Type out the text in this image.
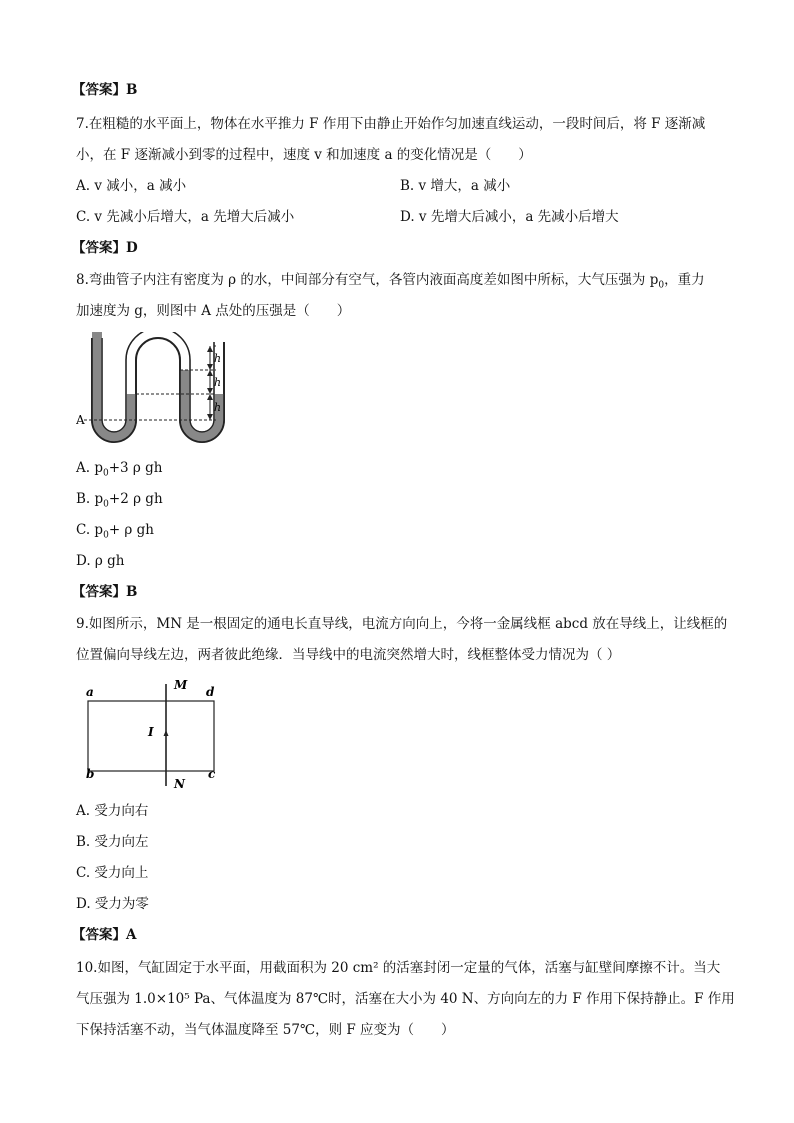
【答案】B
7.在粗糙的水平面上，物体在水平推力 F 作用下由静止开始作匀加速直线运动，一段时间后，将 F 逐渐减
小，在 F 逐渐减小到零的过程中，速度 v 和加速度 a 的变化情况是（　　）
A. v 减小，a 减小	B. v 增大，a 减小
C. v 先减小后增大，a 先增大后减小	D. v 先增大后减小，a 先减小后增大
【答案】D
8.弯曲管子内注有密度为 ρ 的水，中间部分有空气，各管内液面高度差如图中所标，大气压强为 $p_0$，重力
加速度为 g，则图中 A 点处的压强是（　　）
h
h
h
A
A. $p_0+3$ ρ gh
B. $p_0+2$ ρ gh
C. $p_0+ \rho$ gh
D. ρ gh
【答案】B
9.如图所示，MN 是一根固定的通电长直导线，电流方向向上，今将一金属线框 abcd 放在导线上，让线框的
位置偏向导线左边，两者彼此绝缘．当导线中的电流突然增大时，线框整体受力情况为（ ）
a	d
b	c
M
N
I
A. 受力向右
B. 受力向左
C. 受力向上
D. 受力为零
【答案】A
10.如图，气缸固定于水平面，用截面积为 20 cm² 的活塞封闭一定量的气体，活塞与缸壁间摩擦不计。当大
气压强为 1.0×10⁵ Pa、气体温度为 87℃时，活塞在大小为 40 N、方向向左的力 F 作用下保持静止。F 作用
下保持活塞不动，当气体温度降至 57℃，则 F 应变为（　　）
